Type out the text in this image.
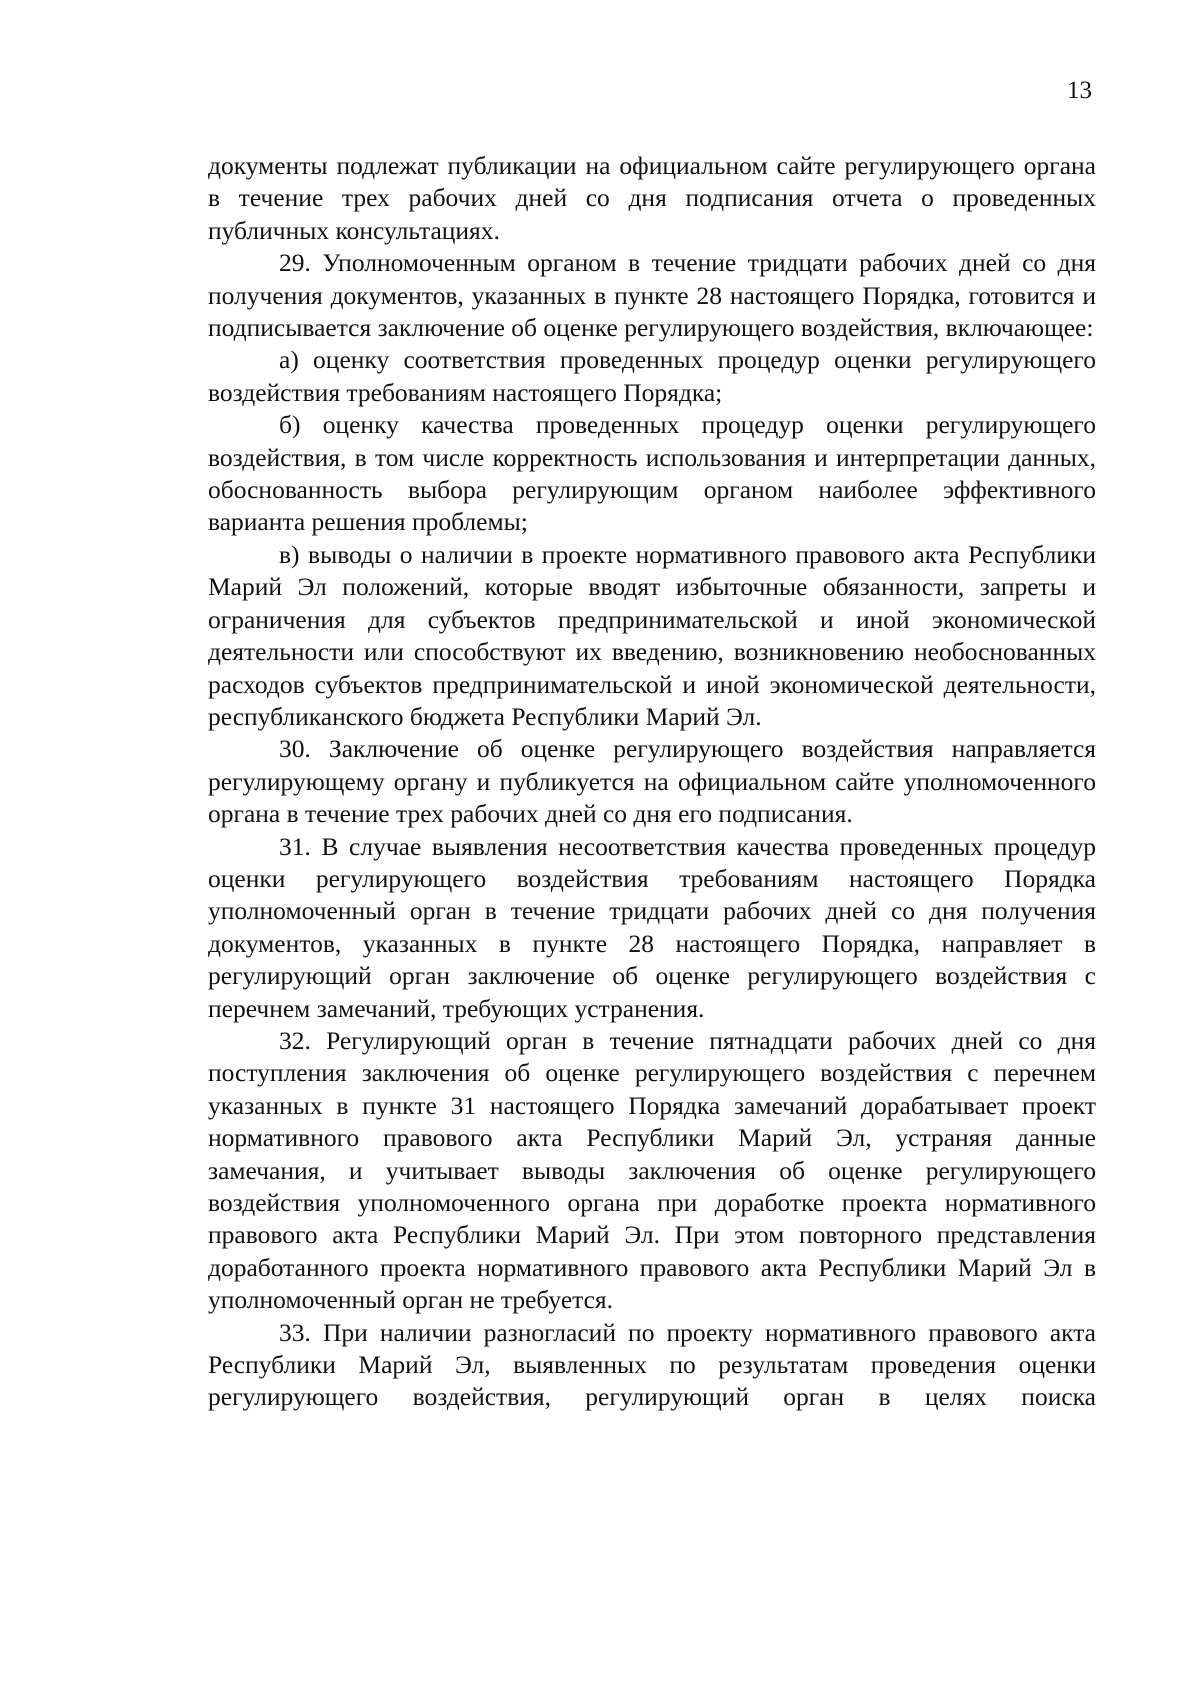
13

документы подлежат публикации на официальном сайте регулирующего органа в течение трех рабочих дней со дня подписания отчета о проведенных публичных консультациях.

29. Уполномоченным органом в течение тридцати рабочих дней со дня получения документов, указанных в пункте 28 настоящего Порядка, готовится и подписывается заключение об оценке регулирующего воздействия, включающее:

а) оценку соответствия проведенных процедур оценки регулирующего воздействия требованиям настоящего Порядка;

б) оценку качества проведенных процедур оценки регулирующего воздействия, в том числе корректность использования и интерпретации данных, обоснованность выбора регулирующим органом наиболее эффективного варианта решения проблемы;

в) выводы о наличии в проекте нормативного правового акта Республики Марий Эл положений, которые вводят избыточные обязанности, запреты и ограничения для субъектов предпринимательской и иной экономической деятельности или способствуют их введению, возникновению необоснованных расходов субъектов предпринимательской и иной экономической деятельности, республиканского бюджета Республики Марий Эл.

30. Заключение об оценке регулирующего воздействия направляется регулирующему органу и публикуется на официальном сайте уполномоченного органа в течение трех рабочих дней со дня его подписания.

31. В случае выявления несоответствия качества проведенных процедур оценки регулирующего воздействия требованиям настоящего Порядка уполномоченный орган в течение тридцати рабочих дней со дня получения документов, указанных в пункте 28 настоящего Порядка, направляет в регулирующий орган заключение об оценке регулирующего воздействия с перечнем замечаний, требующих устранения.

32. Регулирующий орган в течение пятнадцати рабочих дней со дня поступления заключения об оценке регулирующего воздействия с перечнем указанных в пункте 31 настоящего Порядка замечаний дорабатывает проект нормативного правового акта Республики Марий Эл, устраняя данные замечания, и учитывает выводы заключения об оценке регулирующего воздействия уполномоченного органа при доработке проекта нормативного правового акта Республики Марий Эл. При этом повторного представления доработанного проекта нормативного правового акта Республики Марий Эл в уполномоченный орган не требуется.

33. При наличии разногласий по проекту нормативного правового акта Республики Марий Эл, выявленных по результатам проведения оценки регулирующего воздействия, регулирующий орган в целях поиска
